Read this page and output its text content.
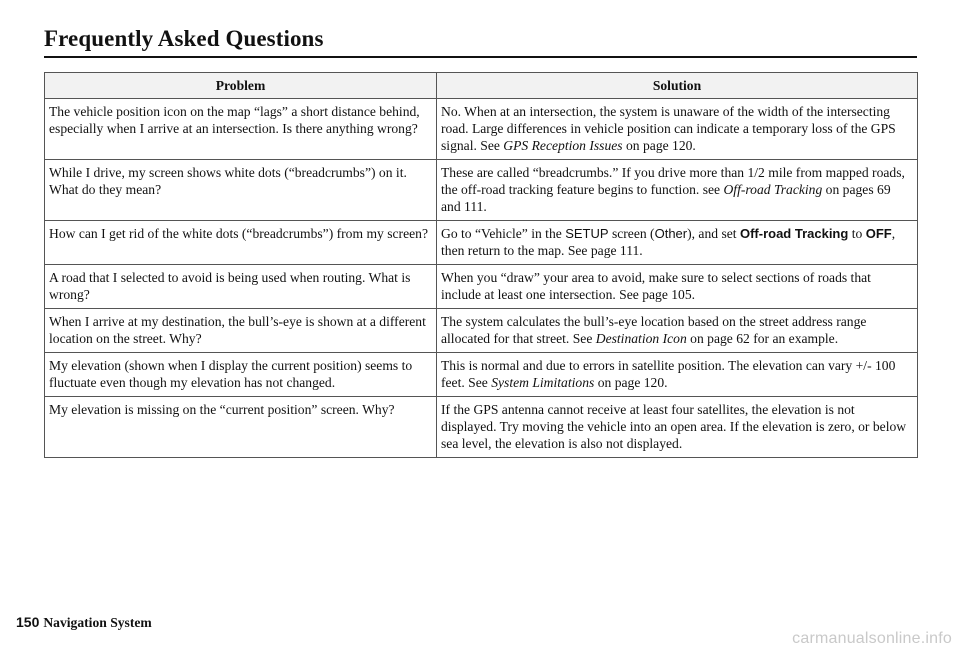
Frequently Asked Questions
Problem	Solution
The vehicle position icon on the map “lags” a short distance behind, especially when I arrive at an intersection. Is there anything wrong?	No. When at an intersection, the system is unaware of the width of the intersecting road. Large differences in vehicle position can indicate a temporary loss of the GPS signal. See GPS Reception Issues on page 120.
While I drive, my screen shows white dots (“breadcrumbs”) on it. What do they mean?	These are called “breadcrumbs.” If you drive more than 1/2 mile from mapped roads, the off-road tracking feature begins to function. see Off-road Tracking on pages 69 and 111.
How can I get rid of the white dots (“breadcrumbs”) from my screen?	Go to “Vehicle” in the SETUP screen (Other), and set Off-road Tracking to OFF, then return to the map. See page 111.
A road that I selected to avoid is being used when routing. What is wrong?	When you “draw” your area to avoid, make sure to select sections of roads that include at least one intersection. See page 105.
When I arrive at my destination, the bull’s-eye is shown at a different location on the street. Why?	The system calculates the bull’s-eye location based on the street address range allocated for that street. See Destination Icon on page 62 for an example.
My elevation (shown when I display the current position) seems to fluctuate even though my elevation has not changed.	This is normal and due to errors in satellite position. The elevation can vary +/- 100 feet. See System Limitations on page 120.
My elevation is missing on the “current position” screen. Why?	If the GPS antenna cannot receive at least four satellites, the elevation is not displayed. Try moving the vehicle into an open area. If the elevation is zero, or below sea level, the elevation is also not displayed.
150 Navigation System
carmanualsonline.info
